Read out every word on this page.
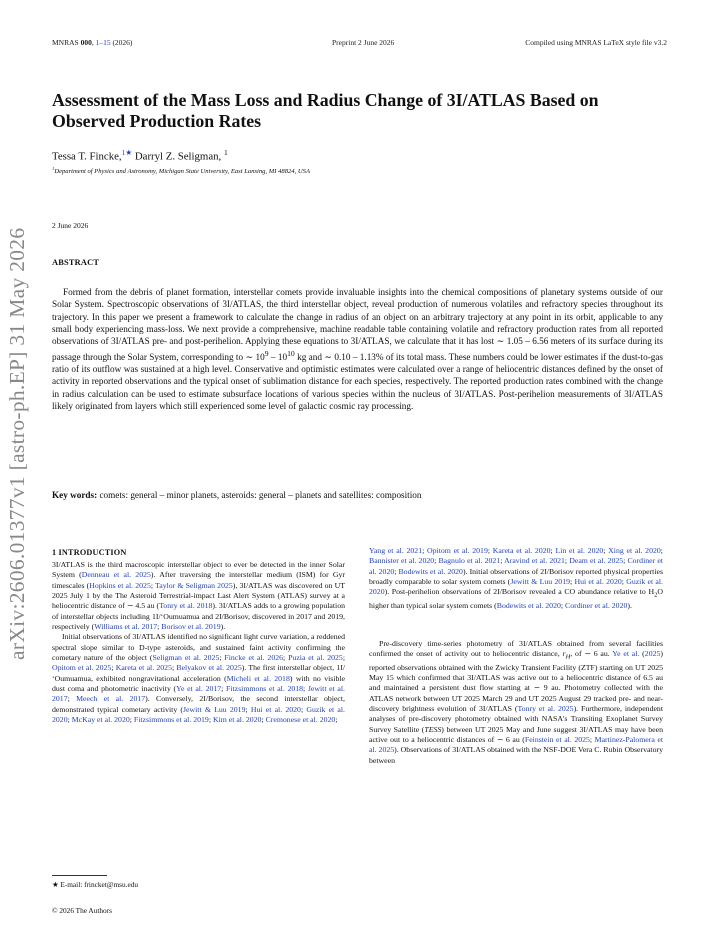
MNRAS 000, 1–15 (2026)	Preprint 2 June 2026	Compiled using MNRAS LaTeX style file v3.2
arXiv:2606.01377v1 [astro-ph.EP] 31 May 2026
Assessment of the Mass Loss and Radius Change of 3I/ATLAS Based on Observed Production Rates
Tessa T. Fincke,$^{1★}$ Darryl Z. Seligman, $^1$
$^1$Department of Physics and Astronomy, Michigan State University, East Lansing, MI 48824, USA
2 June 2026
ABSTRACT

Formed from the debris of planet formation, interstellar comets provide invaluable insights into the chemical compositions of planetary systems outside of our Solar System. Spectroscopic observations of 3I/ATLAS, the third interstellar object, reveal production of numerous volatiles and refractory species throughout its trajectory. In this paper we present a framework to calculate the change in radius of an object on an arbitrary trajectory at any point in its orbit, applicable to any small body experiencing mass-loss. We next provide a comprehensive, machine readable table containing volatile and refractory production rates from all reported observations of 3I/ATLAS pre- and post-perihelion. Applying these equations to 3I/ATLAS, we calculate that it has lost ∼ 1.05 – 6.56 meters of its surface during its passage through the Solar System, corresponding to ∼ $10^9 - 10^{10}$ kg and ∼ 0.10 – 1.13% of its total mass. These numbers could be lower estimates if the dust-to-gas ratio of its outflow was sustained at a high level. Conservative and optimistic estimates were calculated over a range of heliocentric distances defined by the onset of activity in reported observations and the typical onset of sublimation distance for each species, respectively. The reported production rates combined with the change in radius calculation can be used to estimate subsurface locations of various species within the nucleus of 3I/ATLAS. Post-perihelion measurements of 3I/ATLAS likely originated from layers which still experienced some level of galactic cosmic ray processing.

Key words: comets: general – minor planets, asteroids: general – planets and satellites: composition
1 INTRODUCTION

3I/ATLAS is the third macroscopic interstellar object to ever be detected in the inner Solar System (Denneau et al. 2025). After traversing the interstellar medium (ISM) for Gyr timescales (Hopkins et al. 2025; Taylor & Seligman 2025), 3I/ATLAS was discovered on UT 2025 July 1 by the The Asteroid Terrestrial-impact Last Alert System (ATLAS) survey at a heliocentric distance of ∼ 4.5 au (Tonry et al. 2018). 3I/ATLAS adds to a growing population of interstellar objects including 1I/ʻOumuamua and 2I/Borisov, discovered in 2017 and 2019, respectively (Williams et al. 2017; Borisov et al. 2019).

Initial observations of 3I/ATLAS identified no significant light curve variation, a reddened spectral slope similar to D-type asteroids, and sustained faint activity confirming the cometary nature of the object (Seligman et al. 2025; Fincke et al. 2026; Puzia et al. 2025; Opitom et al. 2025; Kareta et al. 2025; Belyakov et al. 2025). The first interstellar object, 1I/ʻOumuamua, exhibited nongravitational acceleration (Micheli et al. 2018) with no visible dust coma and photometric inactivity (Ye et al. 2017; Fitzsimmons et al. 2018; Jewitt et al. 2017; Meech et al. 2017). Conversely, 2I/Borisov, the second interstellar object, demonstrated typical cometary activity (Jewitt & Luu 2019; Hui et al. 2020; Guzik et al. 2020; McKay et al. 2020; Fitzsimmons et al. 2019; Kim et al. 2020; Cremonese et al. 2020;

Yang et al. 2021; Opitom et al. 2019; Kareta et al. 2020; Lin et al. 2020; Xing et al. 2020; Bannister et al. 2020; Bagnulo et al. 2021; Aravind et al. 2021; Deam et al. 2025; Cordiner et al. 2020; Bodewits et al. 2020). Initial observations of 2I/Borisov reported physical properties broadly comparable to solar system comets (Jewitt & Luu 2019; Hui et al. 2020; Guzik et al. 2020). Post-perihelion observations of 2I/Borisov revealed a CO abundance relative to $H_2O$ higher than typical solar system comets (Bodewits et al. 2020; Cordiner et al. 2020).

Pre-discovery time-series photometry of 3I/ATLAS obtained from several facilities confirmed the onset of activity out to heliocentric distance, $r_H$, of ∼ 6 au. Ye et al. (2025) reported observations obtained with the Zwicky Transient Facility (ZTF) starting on UT 2025 May 15 which confirmed that 3I/ATLAS was active out to a heliocentric distance of 6.5 au and maintained a persistent dust flow starting at ∼ 9 au. Photometry collected with the ATLAS network between UT 2025 March 29 and UT 2025 August 29 tracked pre- and near-discovery brightness evolution of 3I/ATLAS (Tonry et al. 2025). Furthermore, independent analyses of pre-discovery photometry obtained with NASA's Transiting Exoplanet Survey Survey Satellite (TESS) between UT 2025 May and June suggest 3I/ATLAS may have been active out to a heliocentric distances of ∼ 6 au (Feinstein et al. 2025; Martinez-Palomera et al. 2025). Observations of 3I/ATLAS obtained with the NSF-DOE Vera C. Rubin Observatory between

★ E-mail: frincket@msu.edu
© 2026 The Authors
